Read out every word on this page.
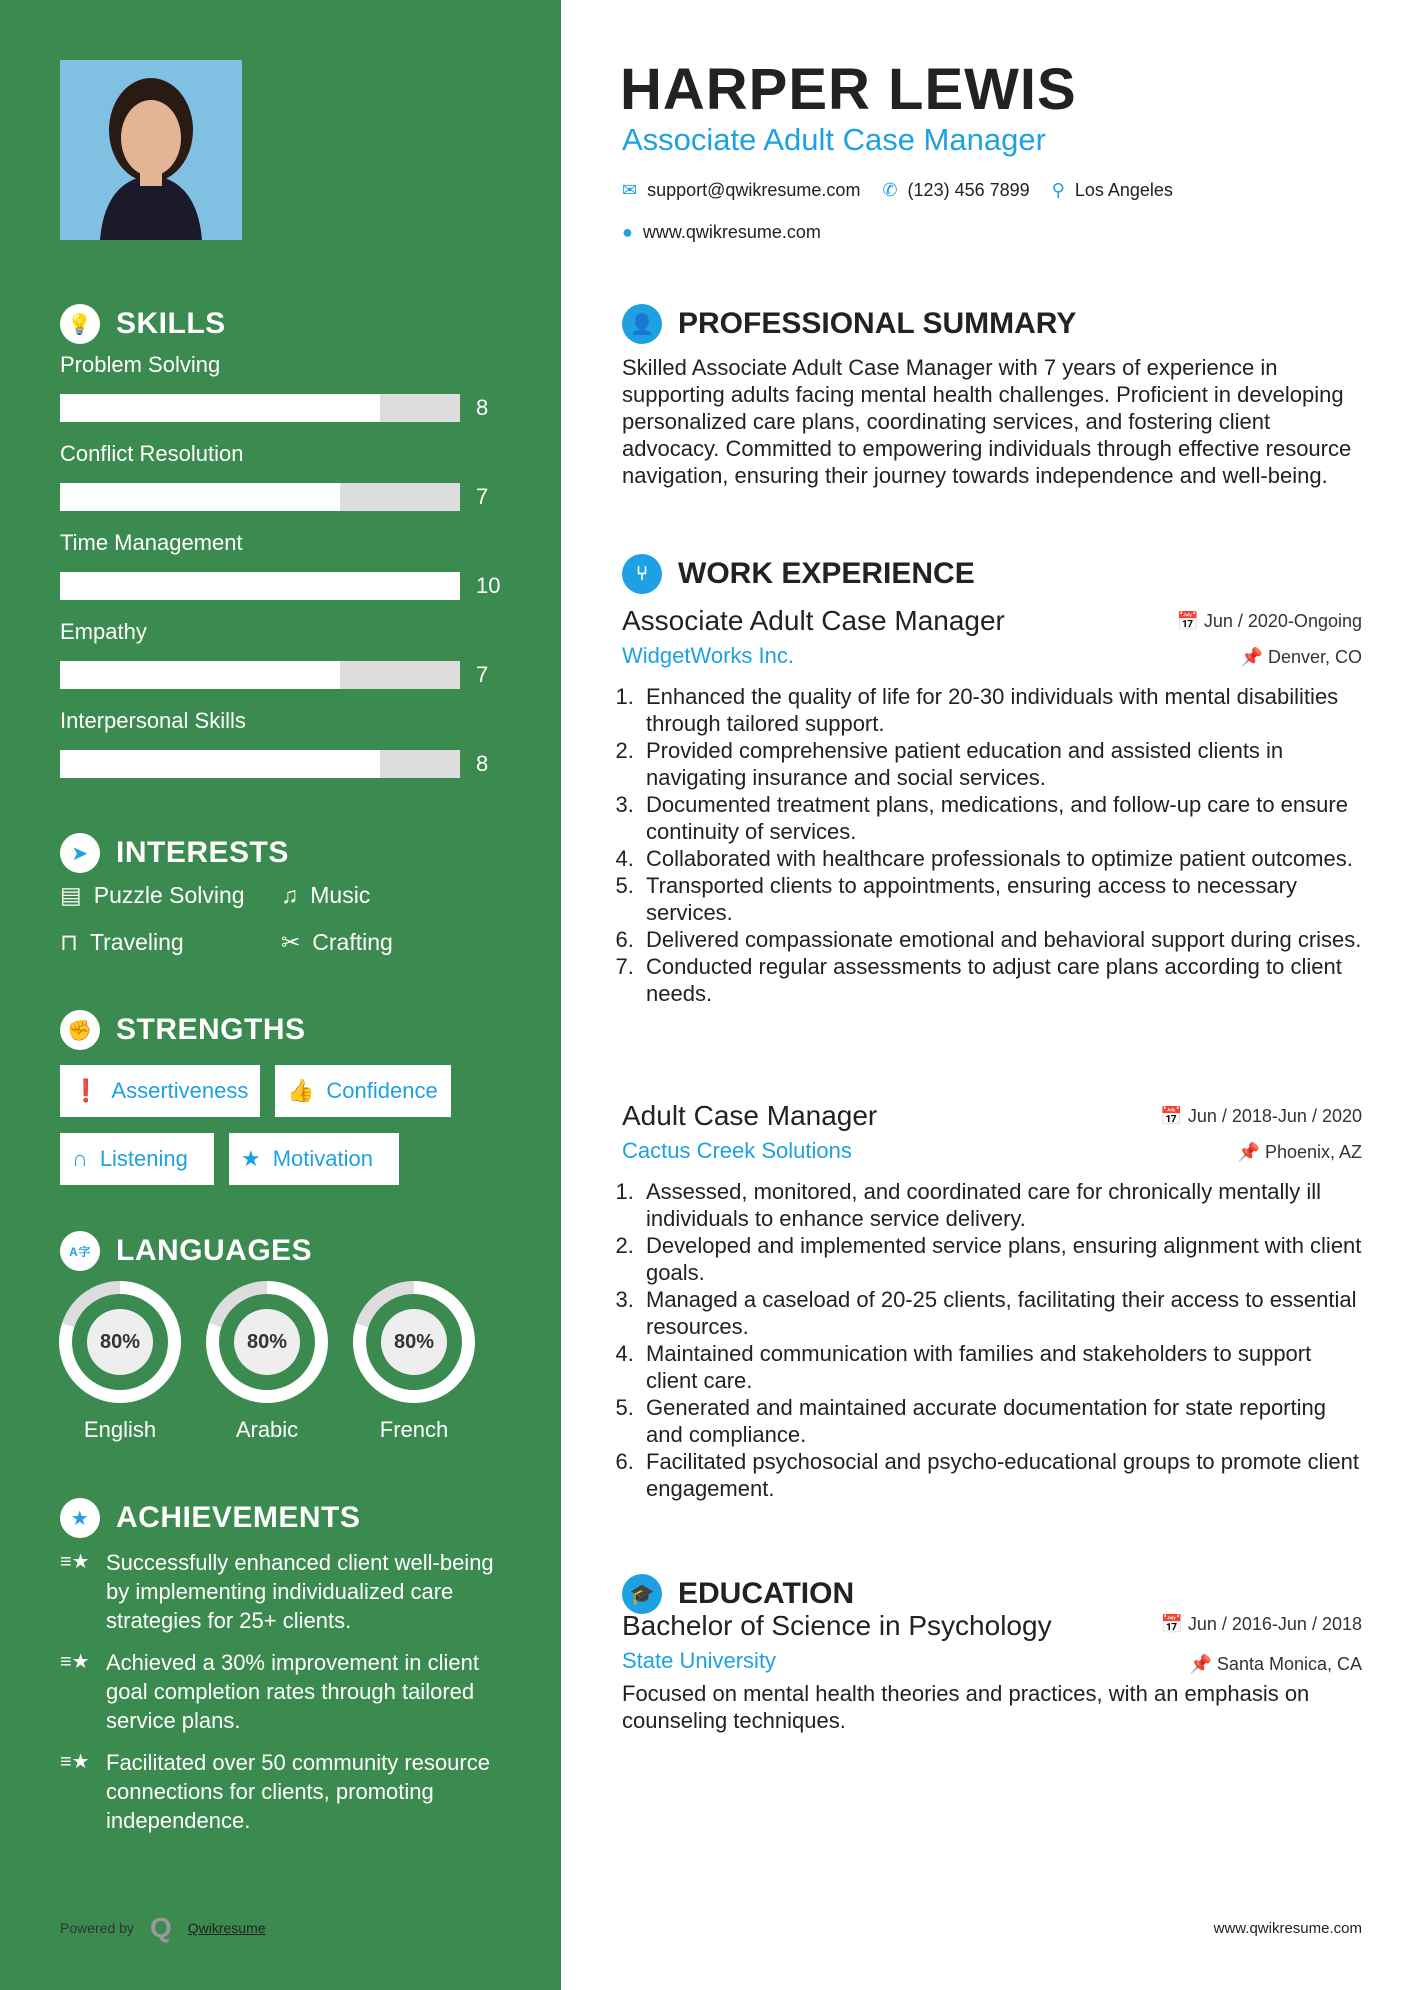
💡 SKILLS
Problem Solving
8
Conflict Resolution
7
Time Management
10
Empathy
7
Interpersonal Skills
8
➤ INTERESTS
▤ Puzzle Solving ♫ Music
⊓ Traveling	✂ Crafting
✊ STRENGTHS
❗ Assertiveness 👍 Confidence
∩ Listening ★ Motivation
A字 LANGUAGES
80%
English
80%
Arabic
80%
French
★ ACHIEVEMENTS
≡★ Successfully enhanced client well-being by implementing individualized care strategies for 25+ clients.
≡★ Achieved a 30% improvement in client goal completion rates through tailored service plans.
≡★ Facilitated over 50 community resource connections for clients, promoting independence.
Powered by Q Qwikresume
HARPER LEWIS
Associate Adult Case Manager
✉ support@qwikresume.com ✆ (123) 456 7899 ⚲ Los Angeles
● www.qwikresume.com
👤 PROFESSIONAL SUMMARY
Skilled Associate Adult Case Manager with 7 years of experience in supporting adults facing mental health challenges. Proficient in developing personalized care plans, coordinating services, and fostering client advocacy. Committed to empowering individuals through effective resource navigation, ensuring their journey towards independence and well-being.
⑂	WORK EXPERIENCE
Associate Adult Case Manager	📅 Jun / 2020-Ongoing
WidgetWorks Inc.	📌 Denver, CO
1. Enhanced the quality of life for 20-30 individuals with mental disabilities through tailored support.
2. Provided comprehensive patient education and assisted clients in navigating insurance and social services.
3. Documented treatment plans, medications, and follow-up care to ensure continuity of services.
4. Collaborated with healthcare professionals to optimize patient outcomes.
5. Transported clients to appointments, ensuring access to necessary services.
6. Delivered compassionate emotional and behavioral support during crises.
7. Conducted regular assessments to adjust care plans according to client needs.
Adult Case Manager	📅 Jun / 2018-Jun / 2020
Cactus Creek Solutions	📌 Phoenix, AZ
1. Assessed, monitored, and coordinated care for chronically mentally ill individuals to enhance service delivery.
2. Developed and implemented service plans, ensuring alignment with client goals.
3. Managed a caseload of 20-25 clients, facilitating their access to essential resources.
4. Maintained communication with families and stakeholders to support client care.
5. Generated and maintained accurate documentation for state reporting and compliance.
6. Facilitated psychosocial and psycho-educational groups to promote client engagement.
🎓 EDUCATION
Bachelor of Science in Psychology	📅 Jun / 2016-Jun / 2018
State University	📌 Santa Monica, CA
Focused on mental health theories and practices, with an emphasis on counseling techniques.
www.qwikresume.com
